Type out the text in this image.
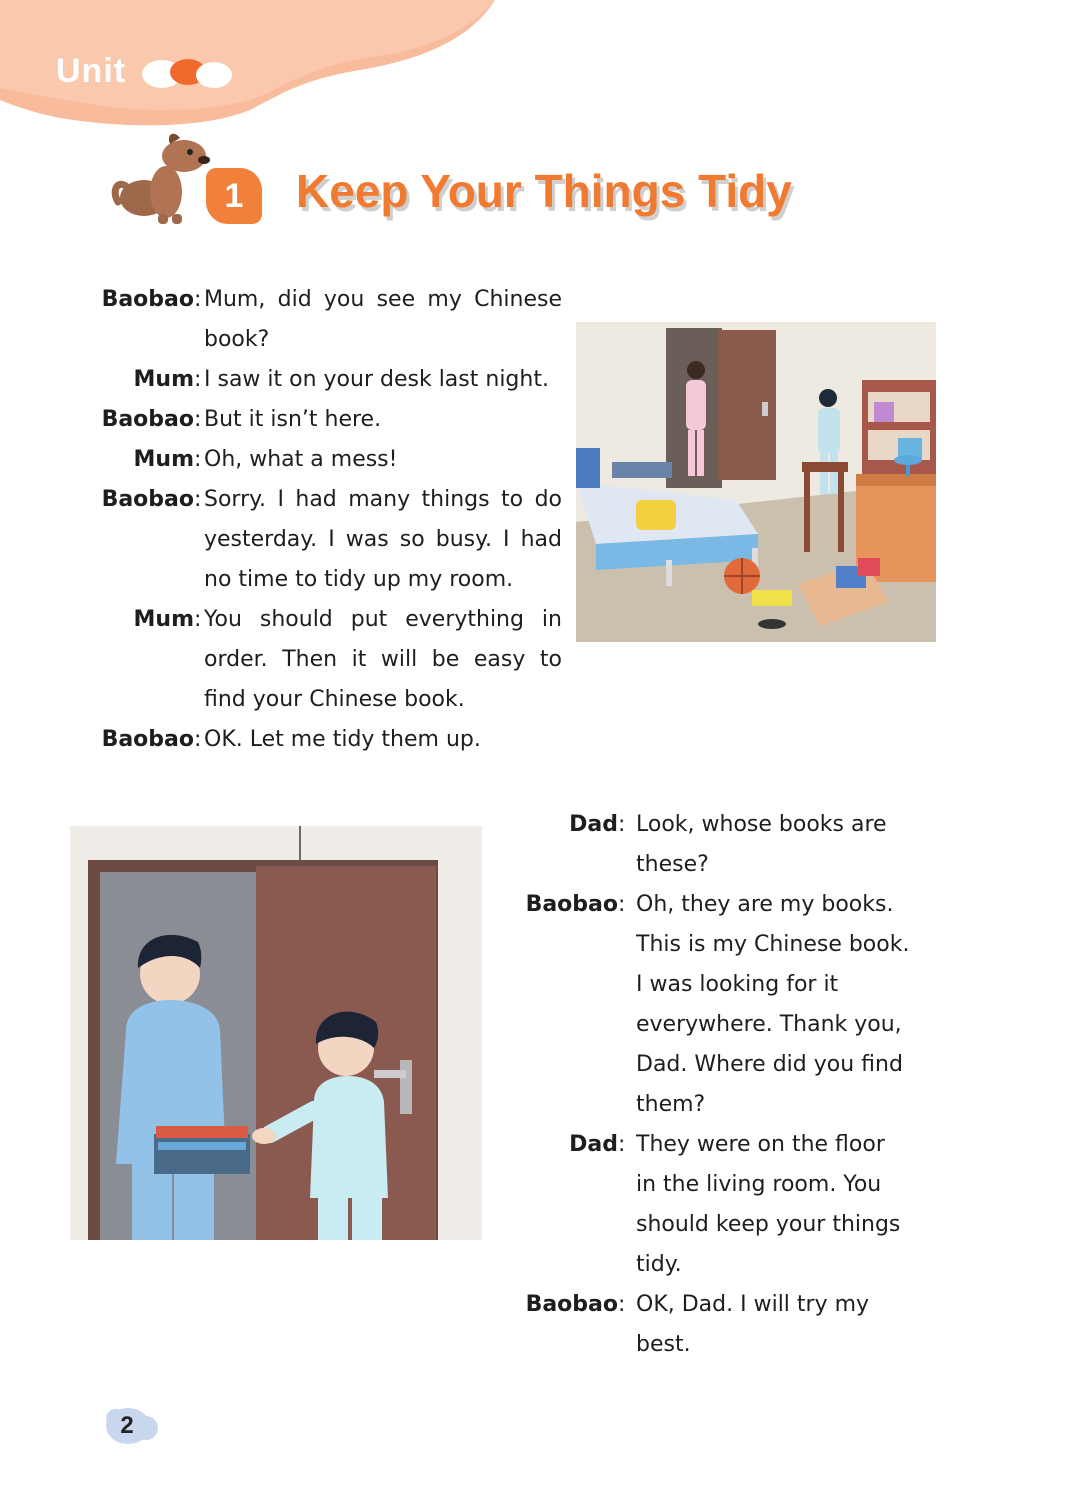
Unit
1	Keep Your Things Tidy
Baobao : Mum, did you see my Chinese book?
Mum : I saw it on your desk last night.
Baobao : But it isn’t here.
Mum : Oh, what a mess!
Baobao : Sorry. I had many things to do yesterday. I was so busy. I had no time to tidy up my room.
Mum : You should put everything in order. Then it will be easy to find your Chinese book.
Baobao : OK. Let me tidy them up.
Dad : Look, whose books are these?
Baobao : Oh, they are my books. This is my Chinese book. I was looking for it everywhere. Thank you, Dad. Where did you find them?
Dad : They were on the floor in the living room. You should keep your things tidy.
Baobao : OK, Dad. I will try my best.
2
